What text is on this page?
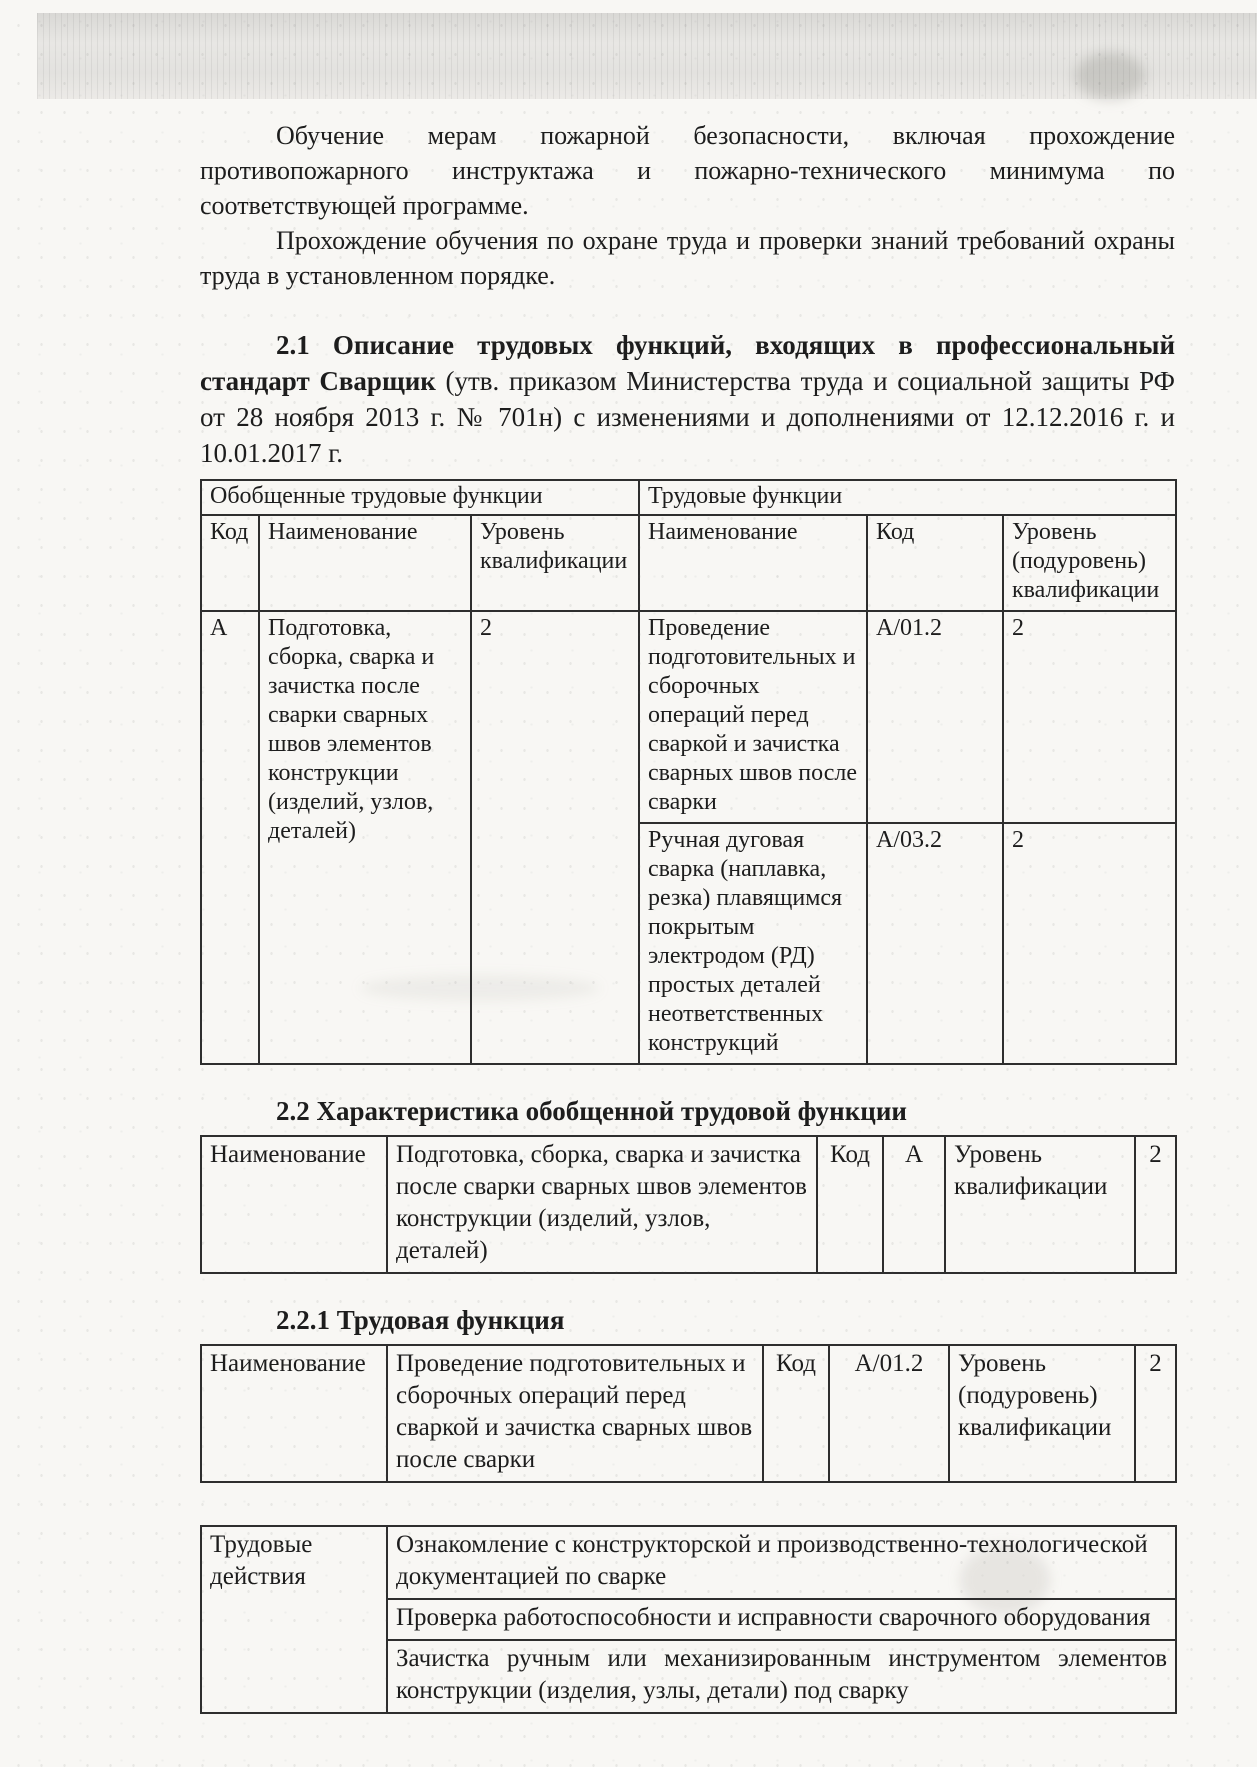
Обучение мерам пожарной безопасности, включая прохождение противопожарного инструктажа и пожарно-технического минимума по соответствующей программе.

Прохождение обучения по охране труда и проверки знаний требований охраны труда в установленном порядке.

2.1 Описание трудовых функций, входящих в профессиональный стандарт Сварщик (утв. приказом Министерства труда и социальной защиты РФ от 28 ноября 2013 г. № 701н) с изменениями и дополнениями от 12.12.2016 г. и 10.01.2017 г.

Обобщенные трудовые функции			Трудовые функции		
Код	Наименование	Уровень квалификации	Наименование	Код	Уровень (подуровень) квалификации
А	Подготовка, сборка, сварка и зачистка после сварки сварных швов элементов конструкции (изделий, узлов, деталей)	2	Проведение подготовительных и сборочных операций перед сваркой и зачистка сварных швов после сварки	А/01.2	2
			Ручная дуговая сварка (наплавка, резка) плавящимся покрытым электродом (РД) простых деталей неответственных конструкций	А/03.2	2

2.2 Характеристика обобщенной трудовой функции

Наименование	Подготовка, сборка, сварка и зачистка после сварки сварных швов элементов конструкции (изделий, узлов, деталей)	Код	А	Уровень квалификации	2

2.2.1 Трудовая функция

Наименование	Проведение подготовительных и сборочных операций перед сваркой и зачистка сварных швов после сварки	Код	А/01.2	Уровень (подуровень) квалификации	2
Трудовые действия	Ознакомление с конструкторской и производственно-технологической документацией по сварке
Проверка работоспособности и исправности сварочного оборудования
Зачистка ручным или механизированным инструментом элементов конструкции (изделия, узлы, детали) под сварку
